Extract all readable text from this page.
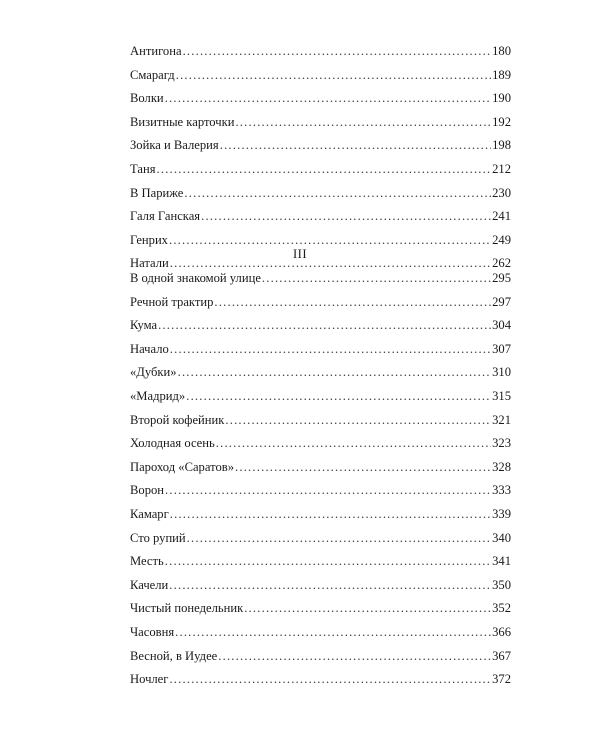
Антигона .....	180
Смарагд .....	189
Волки .....	190
Визитные карточки .....	192
Зойка и Валерия .....	198
Таня .....	212
В Париже .....	230
Галя Ганская .....	241
Генрих .....	249
Натали .....	262
III
В одной знакомой улице .....	295
Речной трактир .....	297
Кума .....	304
Начало .....	307
«Дубки» .....	310
«Мадрид» .....	315
Второй кофейник .....	321
Холодная осень .....	323
Пароход «Саратов» .....	328
Ворон .....	333
Камарг .....	339
Сто рупий .....	340
Месть .....	341
Качели .....	350
Чистый понедельник .....	352
Часовня .....	366
Весной, в Иудее .....	367
Ночлег .....	372
